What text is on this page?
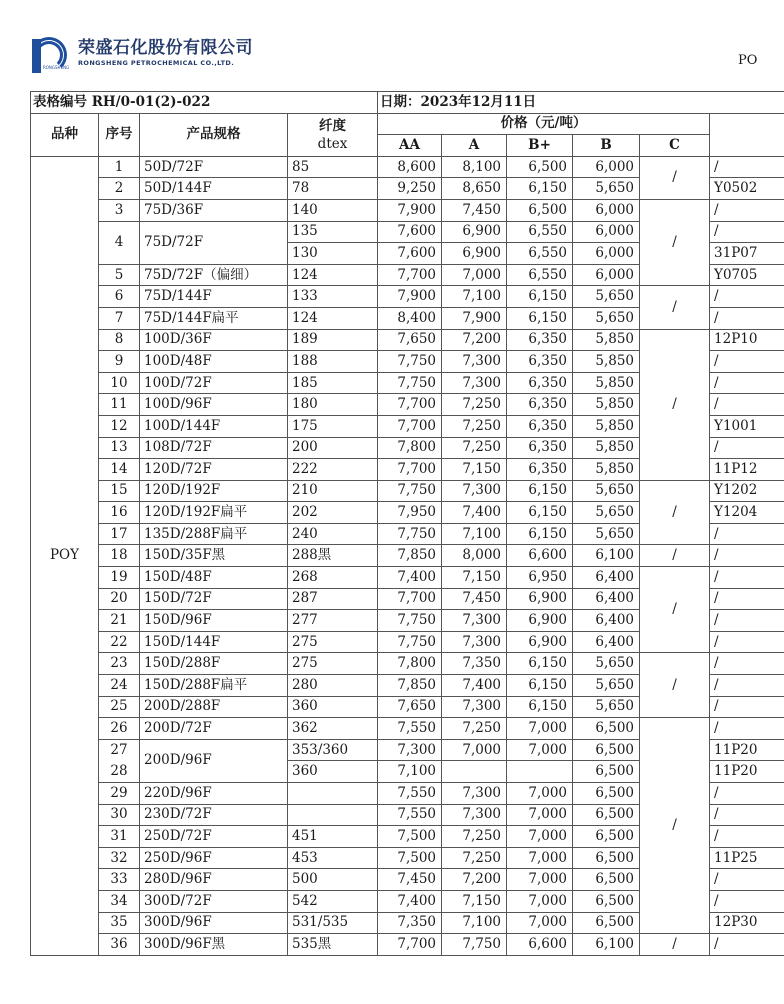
RONGSHENG
荣盛石化股份有限公司
RONGSHENG PETROCHEMICAL CO.,LTD.	PO
表格编号 RH/0-01(2)-022				日期：2023年12月11日					
品种	序号	产品规格	纤度
dtex	价格（元/吨）					
				AA	A	B+	B	C	
POY	1	50D/72F	85	8,600	8,100	6,500	6,000	/	/
	2	50D/144F	78	9,250	8,650	6,150	5,650		Y0502
	3	75D/36F	140	7,900	7,450	6,500	6,000	/	/
	4	75D/72F	135	7,600	6,900	6,550	6,000		/
			130	7,600	6,900	6,550	6,000		31P07
	5	75D/72F（偏细）	124	7,700	7,000	6,550	6,000		Y0705
	6	75D/144F	133	7,900	7,100	6,150	5,650	/	/
	7	75D/144F扁平	124	8,400	7,900	6,150	5,650		/
	8	100D/36F	189	7,650	7,200	6,350	5,850	/	12P10
	9	100D/48F	188	7,750	7,300	6,350	5,850		/
	10	100D/72F	185	7,750	7,300	6,350	5,850		/
	11	100D/96F	180	7,700	7,250	6,350	5,850		/
	12	100D/144F	175	7,700	7,250	6,350	5,850		Y1001
	13	108D/72F	200	7,800	7,250	6,350	5,850		/
	14	120D/72F	222	7,700	7,150	6,350	5,850		11P12
	15	120D/192F	210	7,750	7,300	6,150	5,650	/	Y1202
	16	120D/192F扁平	202	7,950	7,400	6,150	5,650		Y1204
	17	135D/288F扁平	240	7,750	7,100	6,150	5,650		/
	18	150D/35F黑	288黑	7,850	8,000	6,600	6,100	/	/
	19	150D/48F	268	7,400	7,150	6,950	6,400	/	/
	20	150D/72F	287	7,700	7,450	6,900	6,400		/
	21	150D/96F	277	7,750	7,300	6,900	6,400		/
	22	150D/144F	275	7,750	7,300	6,900	6,400		/
	23	150D/288F	275	7,800	7,350	6,150	5,650	/	/
	24	150D/288F扁平	280	7,850	7,400	6,150	5,650		/
	25	200D/288F	360	7,650	7,300	6,150	5,650		/
	26	200D/72F	362	7,550	7,250	7,000	6,500	/	/
	27	200D/96F	353/360	7,300	7,000	7,000	6,500		11P20
	28		360	7,100			6,500		11P20
	29	220D/96F		7,550	7,300	7,000	6,500		/
	30	230D/72F		7,550	7,300	7,000	6,500		/
	31	250D/72F	451	7,500	7,250	7,000	6,500		/
	32	250D/96F	453	7,500	7,250	7,000	6,500		11P25
	33	280D/96F	500	7,450	7,200	7,000	6,500		/
	34	300D/72F	542	7,400	7,150	7,000	6,500		/
	35	300D/96F	531/535	7,350	7,100	7,000	6,500		12P30
	36	300D/96F黑	535黑	7,700	7,750	6,600	6,100	/	/
